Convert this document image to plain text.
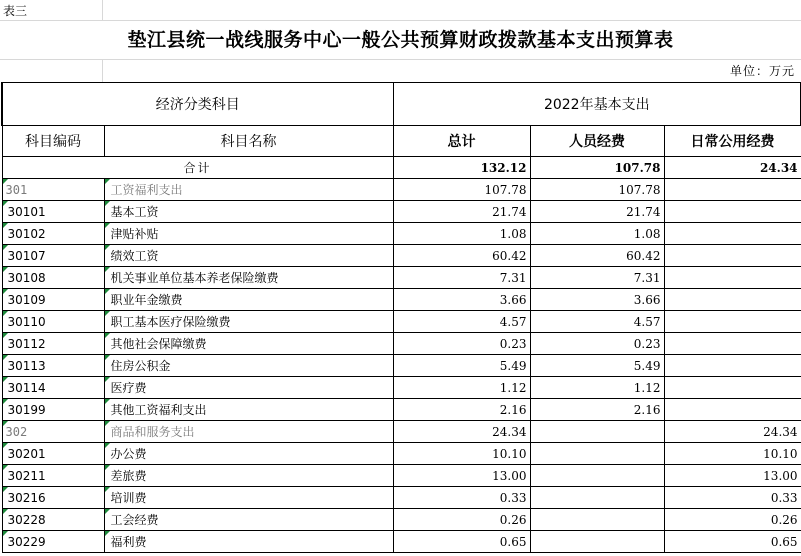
表三
垫江县统一战线服务中心一般公共预算财政拨款基本支出预算表
单位：万元
经济分类科目		2022年基本支出		
科目编码	科目名称	总计	人员经费	日常公用经费
合计		132.12	107.78	24.34

301	工资福利支出	107.78	107.78	

30101	基本工资	21.74	21.74	

30102	津贴补贴	1.08	1.08	

30107	绩效工资	60.42	60.42	

30108	机关事业单位基本养老保险缴费	7.31	7.31	

30109	职业年金缴费	3.66	3.66	

30110	职工基本医疗保险缴费	4.57	4.57	

30112	其他社会保障缴费	0.23	0.23	

30113	住房公积金	5.49	5.49	

30114	医疗费	1.12	1.12	

30199	其他工资福利支出	2.16	2.16	

302	商品和服务支出	24.34		24.34

30201	办公费	10.10		10.10

30211	差旅费	13.00		13.00

30216	培训费	0.33		0.33

30228	工会经费	0.26		0.26

30229	福利费	0.65		0.65
